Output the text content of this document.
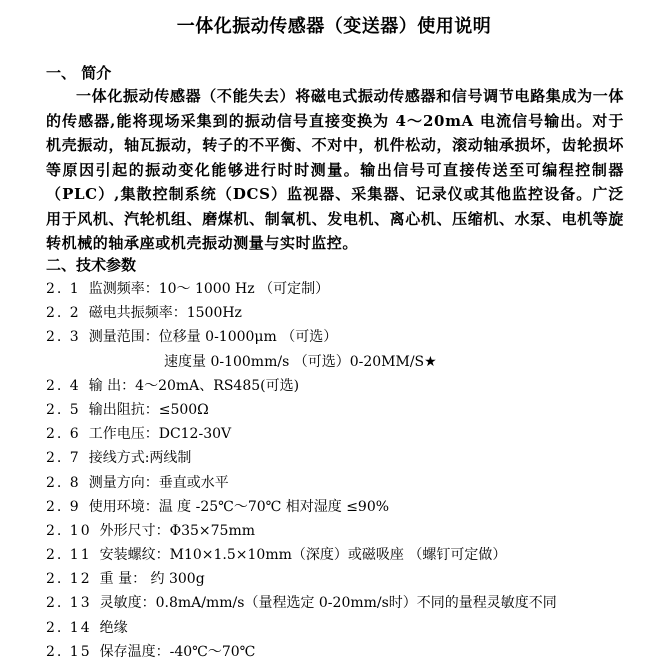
一体化振动传感器（变送器）使用说明
一、 简介
一体化振动传感器（不能失去）将磁电式振动传感器和信号调节电路集成为一体的传感器,能将现场采集到的振动信号直接变换为 4～20mA 电流信号输出。对于机壳振动，轴瓦振动，转子的不平衡、不对中，机件松动，滚动轴承损坏，齿轮损坏等原因引起的振动变化能够进行时时测量。输出信号可直接传送至可编程控制器（PLC）,集散控制系统（DCS）监视器、采集器、记录仪或其他监控设备。广泛用于风机、汽轮机组、磨煤机、制氧机、发电机、离心机、压缩机、水泵、电机等旋转机械的轴承座或机壳振动测量与实时监控。
二、技术参数
2. 1 监测频率：10～ 1000 Hz （可定制）
2. 2 磁电共振频率：1500Hz
2. 3 测量范围：位移量 0-1000μm （可选）
速度量 0-100mm/s （可选）0-20MM/S★
2. 4 输 出：4～20mA、RS485(可选)
2. 5 输出阻抗：≤500Ω
2. 6 工作电压：DC12-30V
2. 7 接线方式:两线制
2. 8 测量方向：垂直或水平
2. 9 使用环境：温 度 -25℃～70℃ 相对湿度 ≤90%
2. 10 外形尺寸：Φ35×75mm
2. 11 安装螺纹：M10×1.5×10mm（深度）或磁吸座 （螺钉可定做）
2. 12 重 量： 约 300g
2. 13 灵敏度：0.8mA/mm/s（量程选定 0-20mm/s时）不同的量程灵敏度不同
2. 14 绝缘
2. 15 保存温度：-40℃～70℃
